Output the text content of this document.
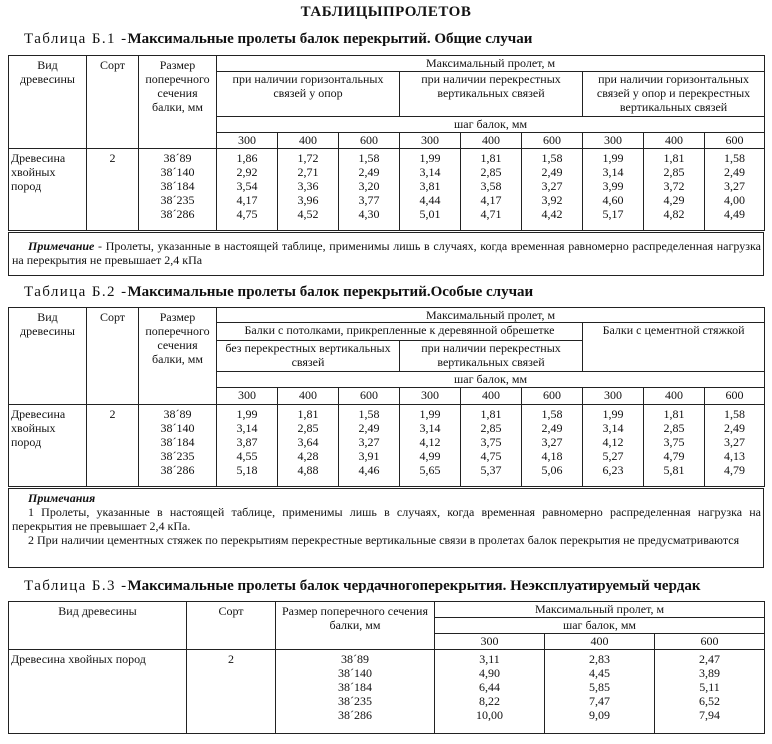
ТАБЛИЦЫПРОЛЕТОВ
Таблица Б.1 -Максимальные пролеты балок перекрытий. Общие случаи
Вид древесины	Сорт	Размер поперечного сечения балки, мм	Максимальный пролет, м								
			при наличии горизонтальных связей у опор			при наличии перекрестных вертикальных связей			при наличии горизонтальных связей у опор и перекрестных вертикальных связей		
			шаг балок, мм								
			300	400	600	300	400	600	300	400	600
Древесина хвойных пород	2	38´89
38´140
38´184
38´235
38´286	1,86
2,92
3,54
4,17
4,75	1,72
2,71
3,36
3,96
4,52	1,58
2,49
3,20
3,77
4,30	1,99
3,14
3,81
4,44
5,01	1,81
2,85
3,58
4,17
4,71	1,58
2,49
3,27
3,92
4,42	1,99
3,14
3,99
4,60
5,17	1,81
2,85
3,72
4,29
4,82	1,58
2,49
3,27
4,00
4,49

Примечание - Пролеты, указанные в настоящей таблице, применимы лишь в случаях, когда временная равномерно распределенная нагрузка на перекрытия не превышает 2,4 кПа

Таблица Б.2 -Максимальные пролеты балок перекрытий.Особые случаи
Вид древесины	Сорт	Размер поперечного сечения балки, мм	Максимальный пролет, м								
			Балки с потолками, прикрепленные к деревянной обрешетке						Балки с цементной стяжкой		
			без перекрестных вертикальных связей			при наличии перекрестных вертикальных связей					
			шаг балок, мм								
			300	400	600	300	400	600	300	400	600
Древесина хвойных пород	2	38´89
38´140
38´184
38´235
38´286	1,99
3,14
3,87
4,55
5,18	1,81
2,85
3,64
4,28
4,88	1,58
2,49
3,27
3,91
4,46	1,99
3,14
4,12
4,99
5,65	1,81
2,85
3,75
4,75
5,37	1,58
2,49
3,27
4,18
5,06	1,99
3,14
4,12
5,27
6,23	1,81
2,85
3,75
4,79
5,81	1,58
2,49
3,27
4,13
4,79

Примечания

1 Пролеты, указанные в настоящей таблице, применимы лишь в случаях, когда временная равномерно распределенная нагрузка на перекрытия не превышает 2,4 кПа.

2 При наличии цементных стяжек по перекрытиям перекрестные вертикальные связи в пролетах балок перекрытия не предусматриваются

Таблица Б.3 -Максимальные пролеты балок чердачногоперекрытия. Неэксплуатируемый чердак
Вид древесины	Сорт	Размер поперечного сечения балки, мм	Максимальный пролет, м		
			шаг балок, мм		
			300	400	600
Древесина хвойных пород	2	38´89
38´140
38´184
38´235
38´286	3,11
4,90
6,44
8,22
10,00	2,83
4,45
5,85
7,47
9,09	2,47
3,89
5,11
6,52
7,94
